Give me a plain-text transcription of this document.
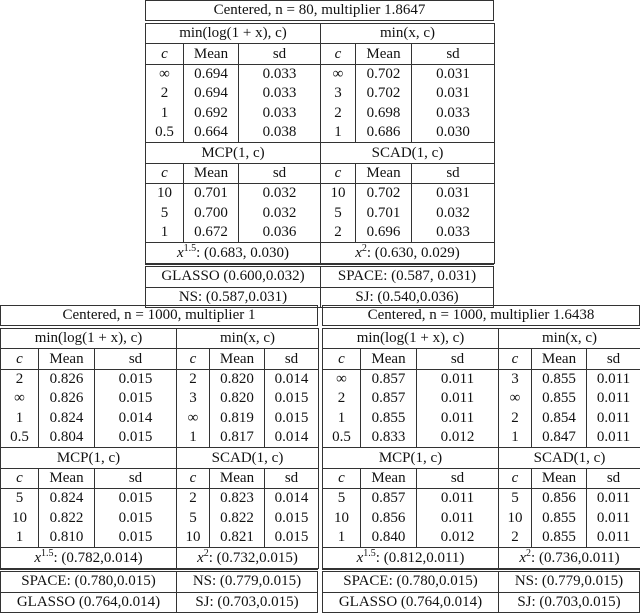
Centered, n = 80, multiplier 1.8647
min(log(1 + x), c)			min(x, c)		
c	Mean	sd	c	Mean	sd
∞	0.694	0.033	∞	0.702	0.031
2	0.694	0.033	3	0.702	0.031
1	0.692	0.033	2	0.698	0.033
0.5	0.664	0.038	1	0.686	0.030
MCP(1, c)			SCAD(1, c)		
c	Mean	sd	c	Mean	sd
10	0.701	0.032	10	0.702	0.031
5	0.700	0.032	5	0.701	0.032
1	0.672	0.036	2	0.696	0.033
$x^{1.5}$: (0.683, 0.030)			$x^2$: (0.630, 0.029)		
GLASSO (0.600,0.032)	SPACE: (0.587, 0.031)
NS: (0.587,0.031)	SJ: (0.540,0.036)
Centered, n = 1000, multiplier 1
min(log(1 + x), c)			min(x, c)		
c	Mean	sd	c	Mean	sd
2	0.826	0.015	2	0.820	0.014
∞	0.826	0.015	3	0.820	0.015
1	0.824	0.014	∞	0.819	0.015
0.5	0.804	0.015	1	0.817	0.014
MCP(1, c)			SCAD(1, c)		
c	Mean	sd	c	Mean	sd
5	0.824	0.015	2	0.823	0.014
10	0.822	0.015	5	0.822	0.015
1	0.810	0.015	10	0.821	0.015
$x^{1.5}$: (0.782,0.014)			$x^2$: (0.732,0.015)		
SPACE: (0.780,0.015)	NS: (0.779,0.015)
GLASSO (0.764,0.014)	SJ: (0.703,0.015)
Centered, n = 1000, multiplier 1.6438
min(log(1 + x), c)			min(x, c)		
c	Mean	sd	c	Mean	sd
∞	0.857	0.011	3	0.855	0.011
2	0.857	0.011	∞	0.855	0.011
1	0.855	0.011	2	0.854	0.011
0.5	0.833	0.012	1	0.847	0.011
MCP(1, c)			SCAD(1, c)		
c	Mean	sd	c	Mean	sd
5	0.857	0.011	5	0.856	0.011
10	0.856	0.011	10	0.855	0.011
1	0.840	0.012	2	0.855	0.011
$x^{1.5}$: (0.812,0.011)			$x^2$: (0.736,0.011)		
SPACE: (0.780,0.015)	NS: (0.779,0.015)
GLASSO (0.764,0.014)	SJ: (0.703,0.015)
